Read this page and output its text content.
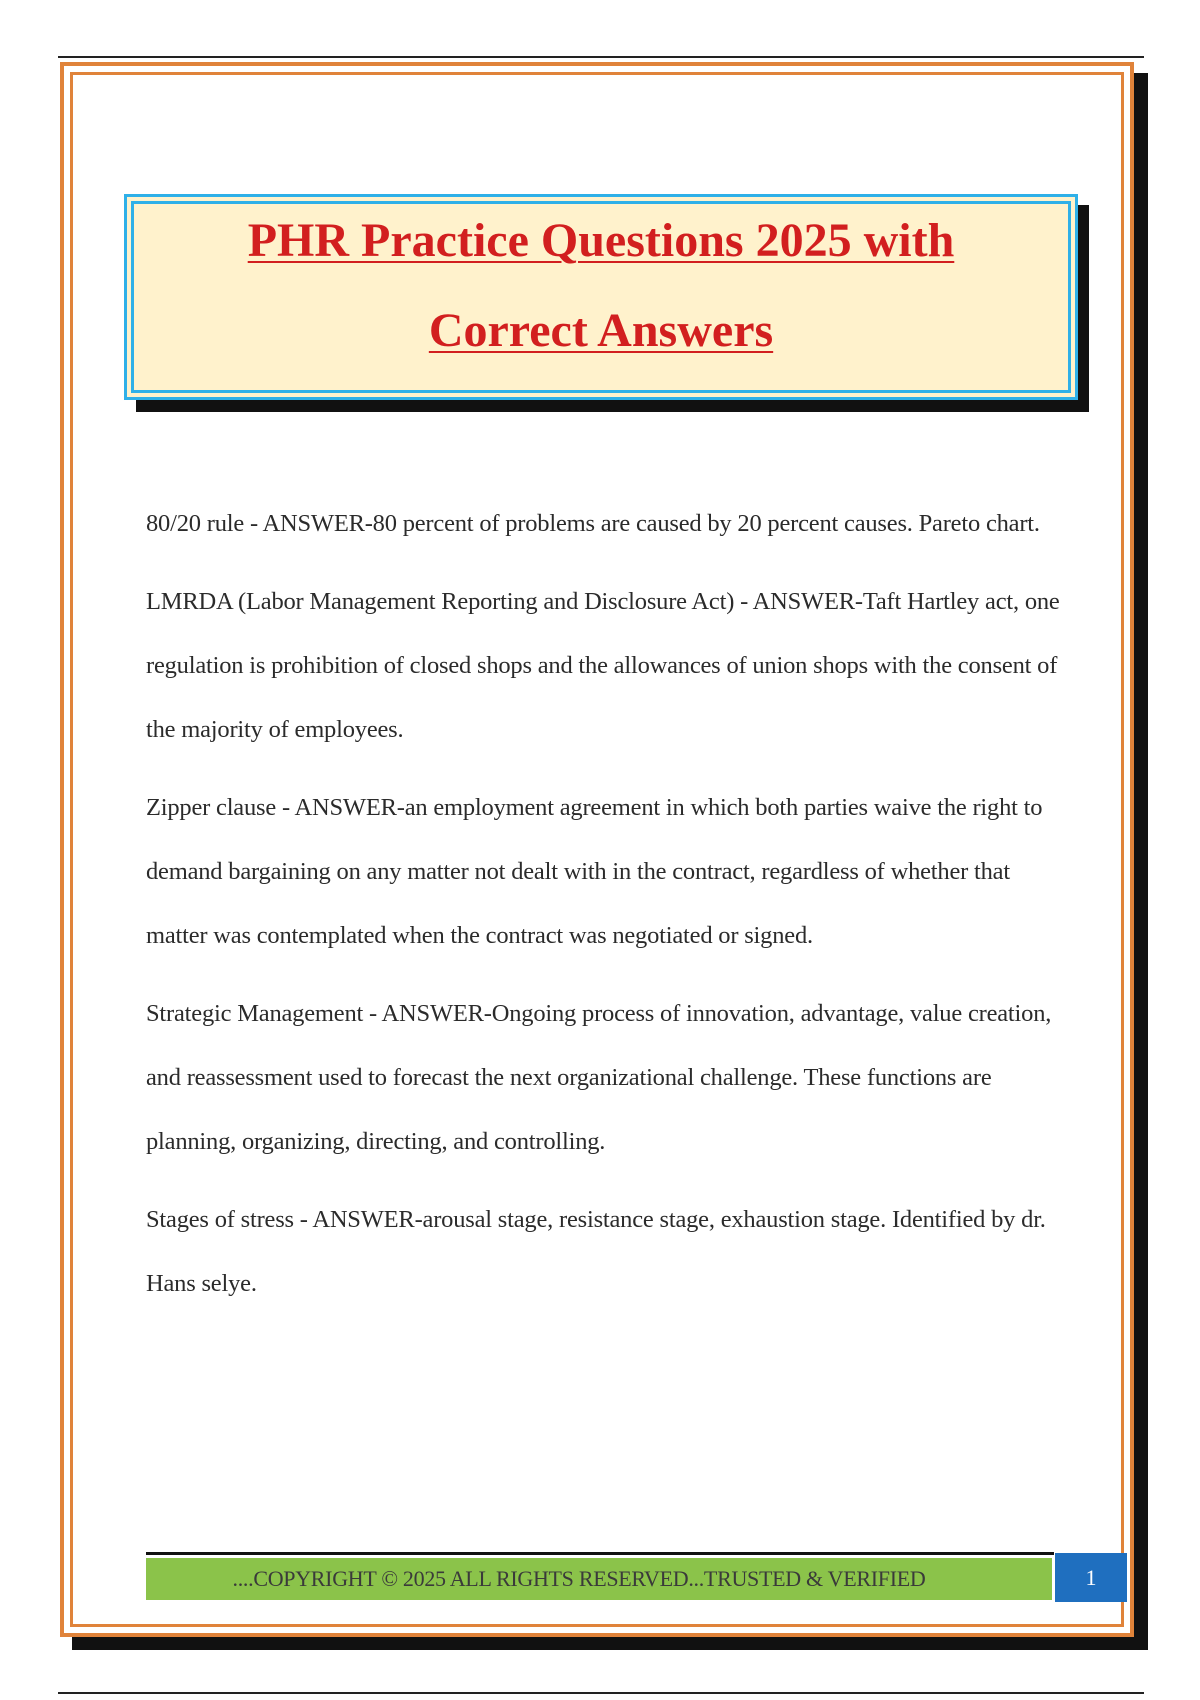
PHR Practice Questions 2025 with
Correct Answers

80/20 rule - ANSWER-80 percent of problems are caused by 20 percent causes. Pareto chart.

LMRDA (Labor Management Reporting and Disclosure Act) - ANSWER-Taft Hartley act, one regulation is prohibition of closed shops and the allowances of union shops with the consent of the majority of employees.

Zipper clause - ANSWER-an employment agreement in which both parties waive the right to demand bargaining on any matter not dealt with in the contract, regardless of whether that matter was contemplated when the contract was negotiated or signed.

Strategic Management - ANSWER-Ongoing process of innovation, advantage, value creation, and reassessment used to forecast the next organizational challenge. These functions are planning, organizing, directing, and controlling.

Stages of stress - ANSWER-arousal stage, resistance stage, exhaustion stage. Identified by dr. Hans selye.

....COPYRIGHT © 2025 ALL RIGHTS RESERVED...TRUSTED & VERIFIED	1
